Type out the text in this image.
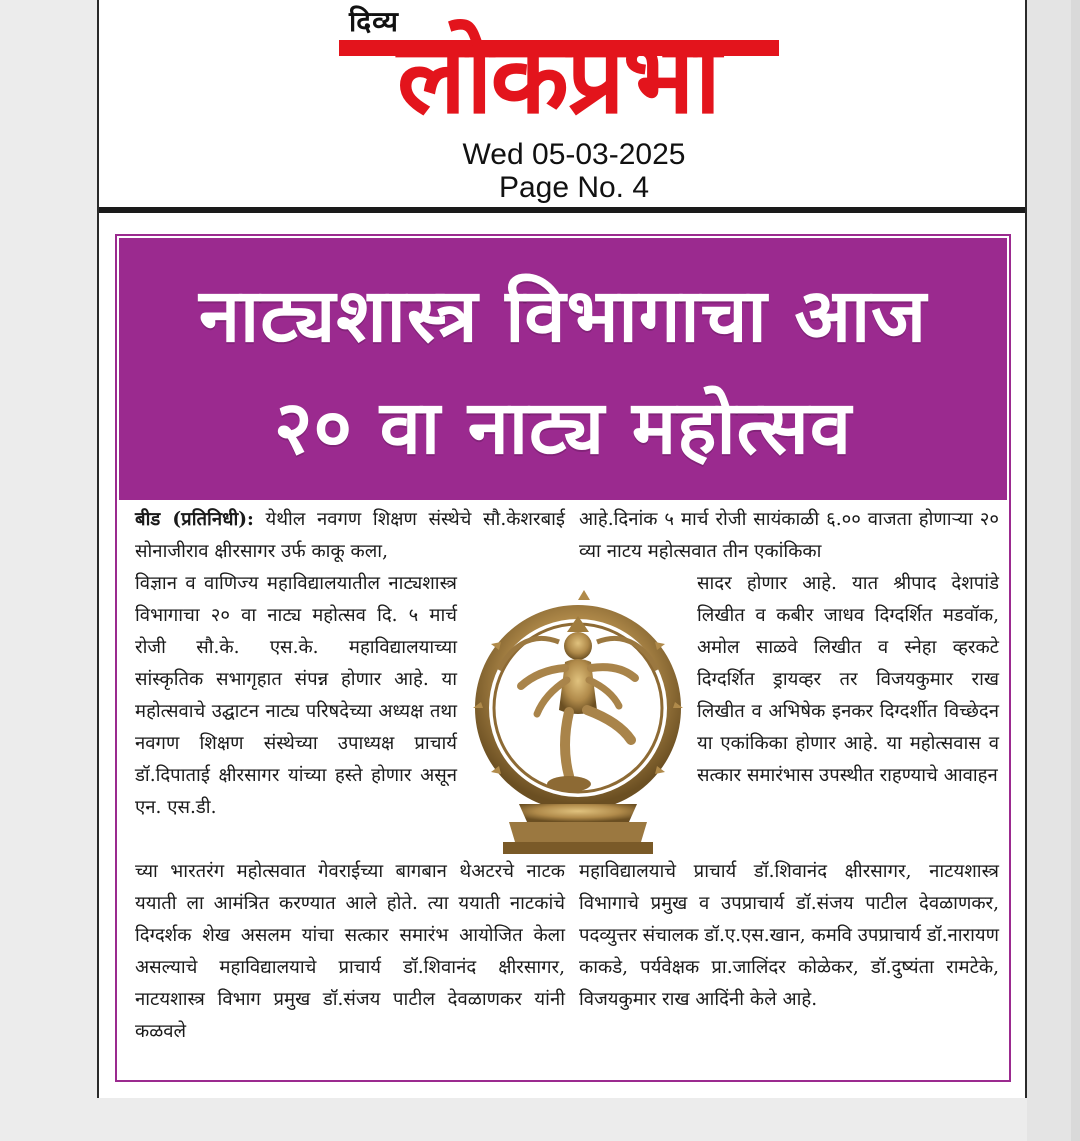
दिव्य
लोकप्रभा
Wed 05-03-2025
Page No. 4
नाट्यशास्त्र विभागाचा आज
२० वा नाट्य महोत्सव

बीड (प्रतिनिधी): येथील नवगण शिक्षण संस्थेचे सौ.केशरबाई सोनाजीराव क्षीरसागर उर्फ काकू कला,

विज्ञान व वाणिज्य महाविद्यालयातील नाट्यशास्त्र विभागाचा २० वा नाट्य महोत्सव दि. ५ मार्च रोजी सौ.के. एस.के. महाविद्यालयाच्या सांस्कृतिक सभागृहात संपन्न होणार आहे. या महोत्सवाचे उद्घाटन नाट्य परिषदेच्या अध्यक्ष तथा नवगण शिक्षण संस्थेच्या उपाध्यक्ष प्राचार्य डॉ.दिपाताई क्षीरसागर यांच्या हस्ते होणार असून एन. एस.डी.

च्या भारतरंग महोत्सवात गेवराईच्या बागबान थेअटरचे नाटक ययाती ला आमंत्रित करण्यात आले होते. त्या ययाती नाटकांचे दिग्दर्शक शेख असलम यांचा सत्कार समारंभ आयोजित केला असल्याचे महाविद्यालयाचे प्राचार्य डॉ.शिवानंद क्षीरसागर, नाटयशास्त्र विभाग प्रमुख डॉ.संजय पाटील देवळाणकर यांनी कळवले

आहे.दिनांक ५ मार्च रोजी सायंकाळी ६.०० वाजता होणार्‍या २० व्या नाटय महोत्सवात तीन एकांकिका

सादर होणार आहे. यात श्रीपाद देशपांडे लिखीत व कबीर जाधव दिग्दर्शित मडवॉक, अमोल साळवे लिखीत व स्नेहा व्हरकटे दिग्दर्शित ड्रायव्हर तर विजयकुमार राख लिखीत व अभिषेक इनकर दिग्दर्शीत विच्छेदन या एकांकिका होणार आहे. या महोत्सवास व सत्कार समारंभास उपस्थीत राहण्याचे आवाहन

महाविद्यालयाचे प्राचार्य डॉ.शिवानंद क्षीरसागर, नाटयशास्त्र विभागाचे प्रमुख व उपप्राचार्य डॉ.संजय पाटील देवळाणकर, पदव्युत्तर संचालक डॉ.ए.एस.खान, कमवि उपप्राचार्य डॉ.नारायण काकडे, पर्यवेक्षक प्रा.जालिंदर कोळेकर, डॉ.दुष्यंता रामटेके, विजयकुमार राख आदिंनी केले आहे.
